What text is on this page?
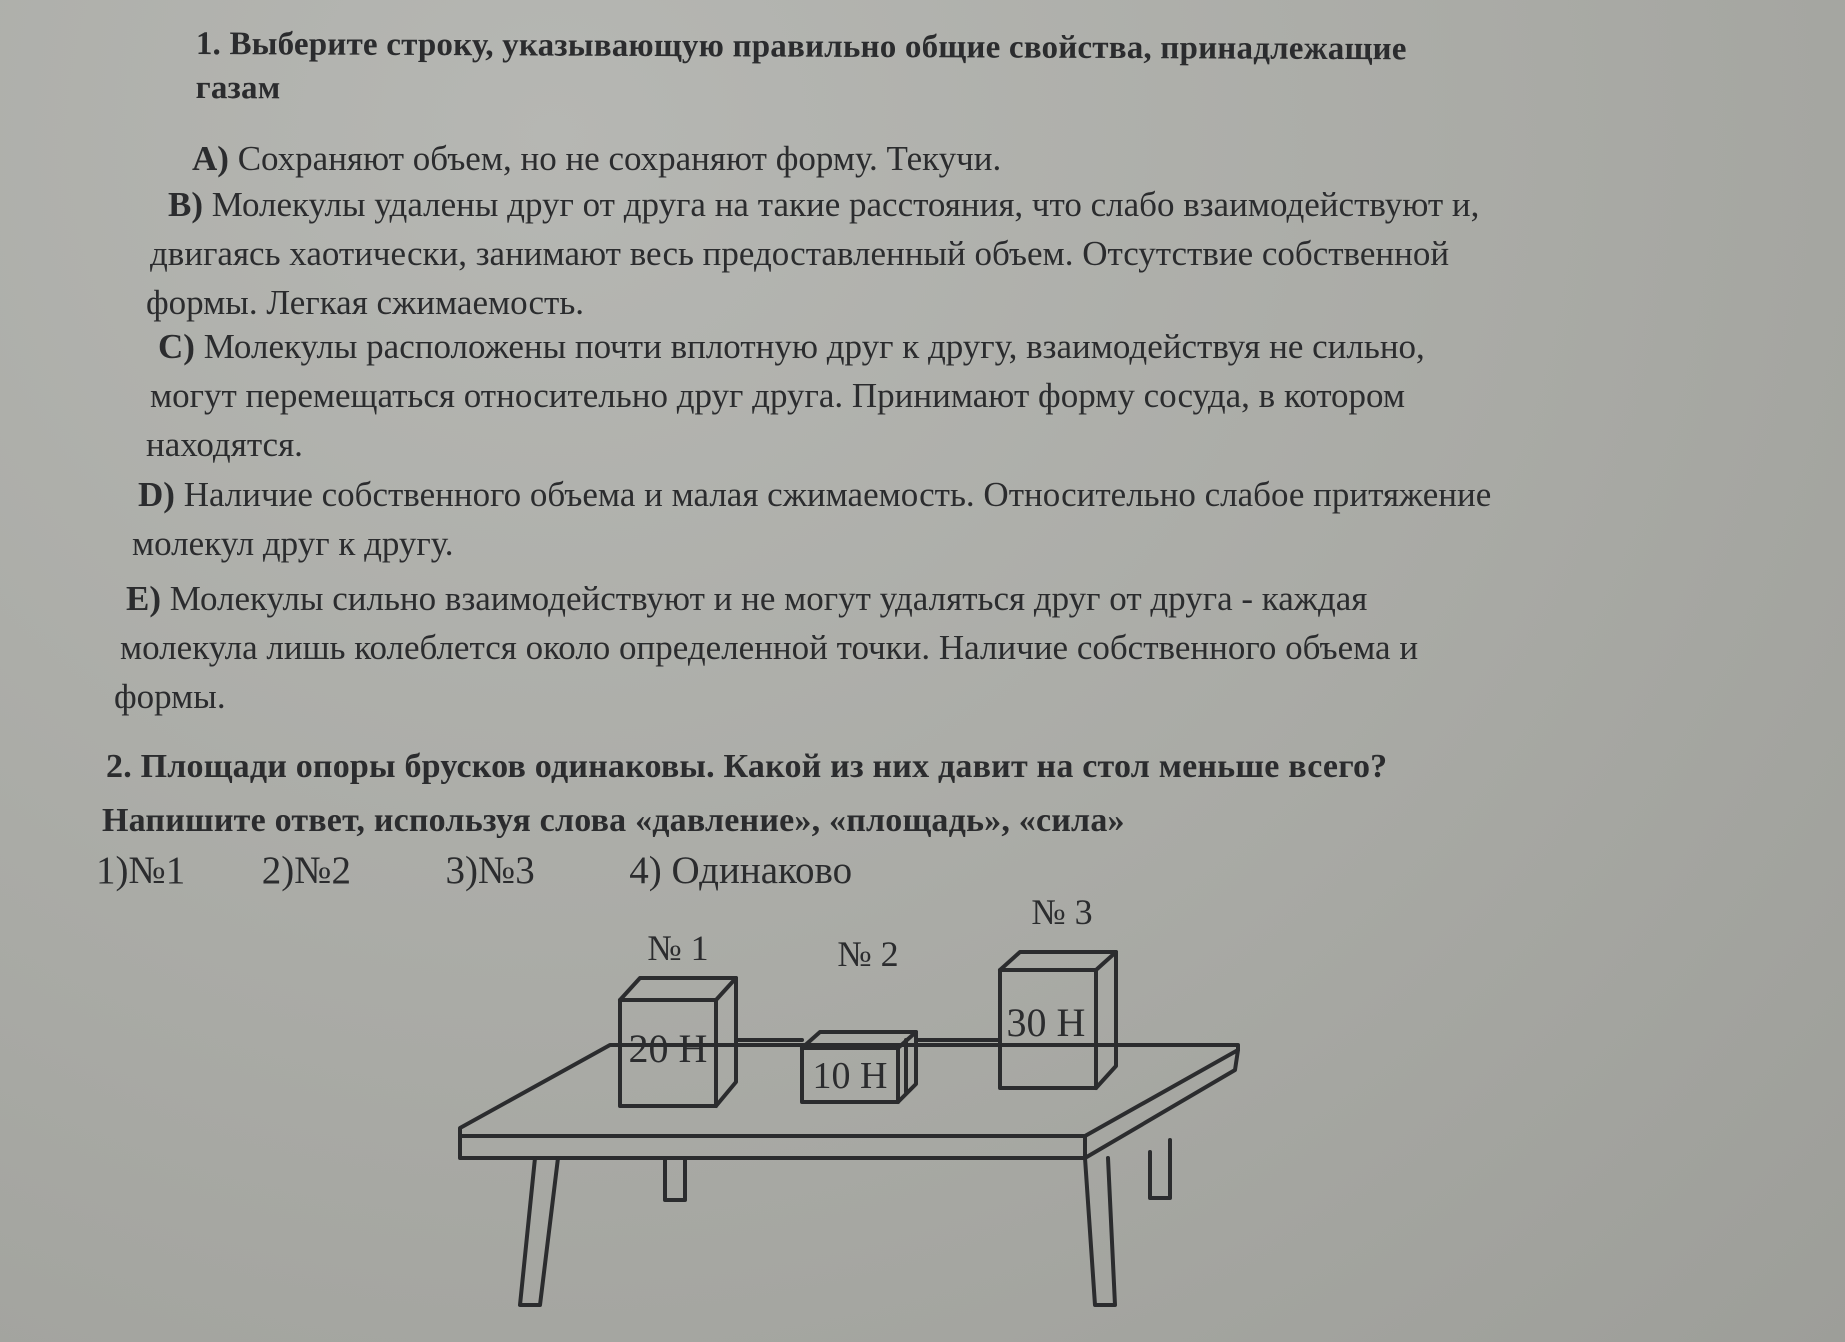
1. Выберите строку, указывающую правильно общие свойства, принадлежащие
газам

А) Сохраняют объем, но не сохраняют форму. Текучи.

В) Молекулы удалены друг от друга на такие расстояния, что слабо взаимодействуют и,
двигаясь хаотически, занимают весь предоставленный объем. Отсутствие собственной
формы. Легкая сжимаемость.

С) Молекулы расположены почти вплотную друг к другу, взаимодействуя не сильно,
могут перемещаться относительно друг друга. Принимают форму сосуда, в котором
находятся.

D) Наличие собственного объема и малая сжимаемость. Относительно слабое притяжение
молекул друг к другу.

E) Молекулы сильно взаимодействуют и не могут удаляться друг от друга - каждая
молекула лишь колеблется около определенной точки. Наличие собственного объема и
формы.

2. Площади опоры брусков одинаковы. Какой из них давит на стол меньше всего?
Напишите ответ, используя слова «давление», «площадь», «сила»

1)№1 2)№2 3)№3 4) Одинаково
20 Н
№ 1
10 Н
№ 2
30 Н
№ 3
